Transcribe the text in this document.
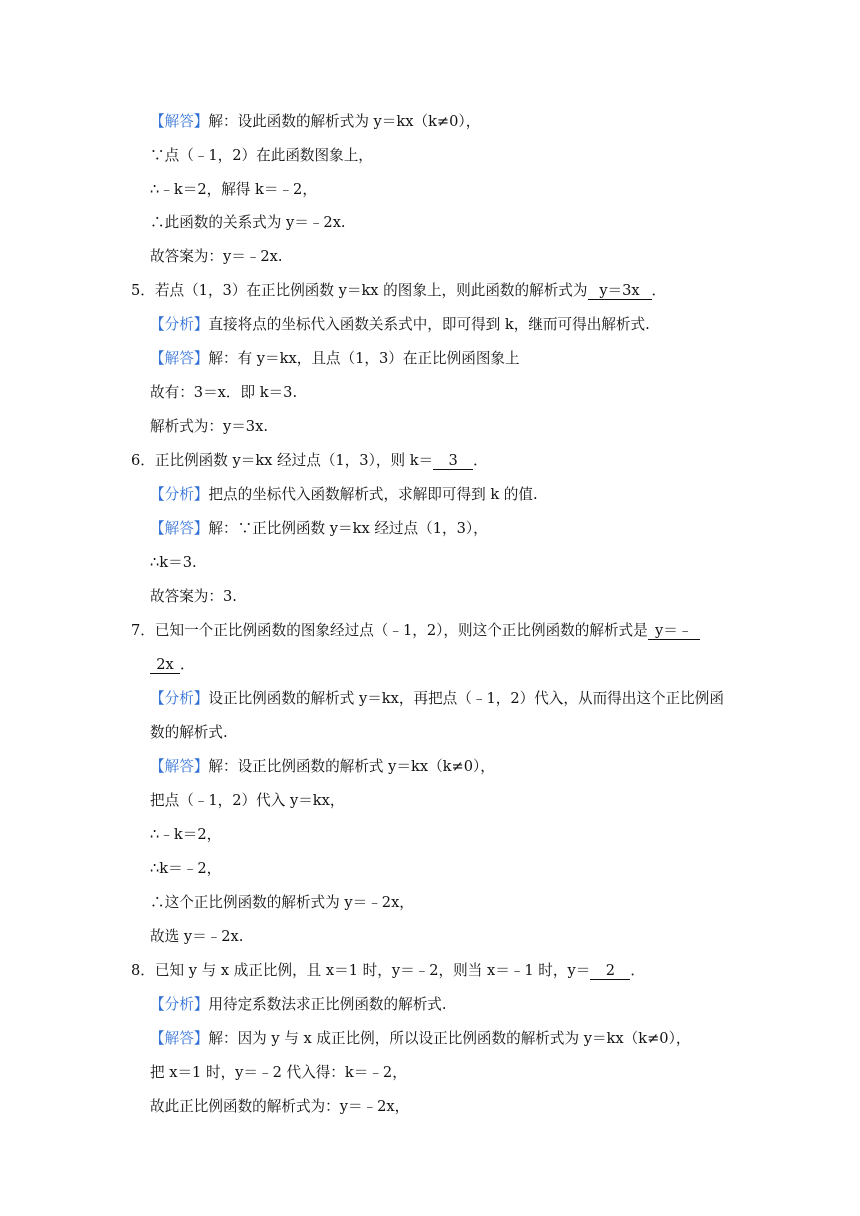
【解答】解：设此函数的解析式为 y＝kx（k≠0），
∵点（﹣1，2）在此函数图象上，
∴﹣k＝2，解得 k＝﹣2，
∴此函数的关系式为 y＝﹣2x.
故答案为：y＝﹣2x.
5．若点（1，3）在正比例函数 y＝kx 的图象上，则此函数的解析式为 y＝3x ．
【分析】直接将点的坐标代入函数关系式中，即可得到 k，继而可得出解析式.
【解答】解：有 y＝kx，且点（1，3）在正比例函图象上
故有：3＝x．即 k＝3.
解析式为：y＝3x.
6．正比例函数 y＝kx 经过点（1，3），则 k＝ 3 ．
【分析】把点的坐标代入函数解析式，求解即可得到 k 的值.
【解答】解：∵正比例函数 y＝kx 经过点（1，3），
∴k＝3.
故答案为：3.
7．已知一个正比例函数的图象经过点（﹣1，2），则这个正比例函数的解析式是 y＝﹣
2x ．
【分析】设正比例函数的解析式 y＝kx，再把点（﹣1，2）代入，从而得出这个正比例函
数的解析式.
【解答】解：设正比例函数的解析式 y＝kx（k≠0），
把点（﹣1，2）代入 y＝kx，
∴﹣k＝2，
∴k＝﹣2，
∴这个正比例函数的解析式为 y＝﹣2x，
故选 y＝﹣2x.
8．已知 y 与 x 成正比例，且 x＝1 时，y＝﹣2，则当 x＝﹣1 时，y＝ 2 ．
【分析】用待定系数法求正比例函数的解析式.
【解答】解：因为 y 与 x 成正比例，所以设正比例函数的解析式为 y＝kx（k≠0），
把 x＝1 时，y＝﹣2 代入得：k＝﹣2，
故此正比例函数的解析式为：y＝﹣2x，
